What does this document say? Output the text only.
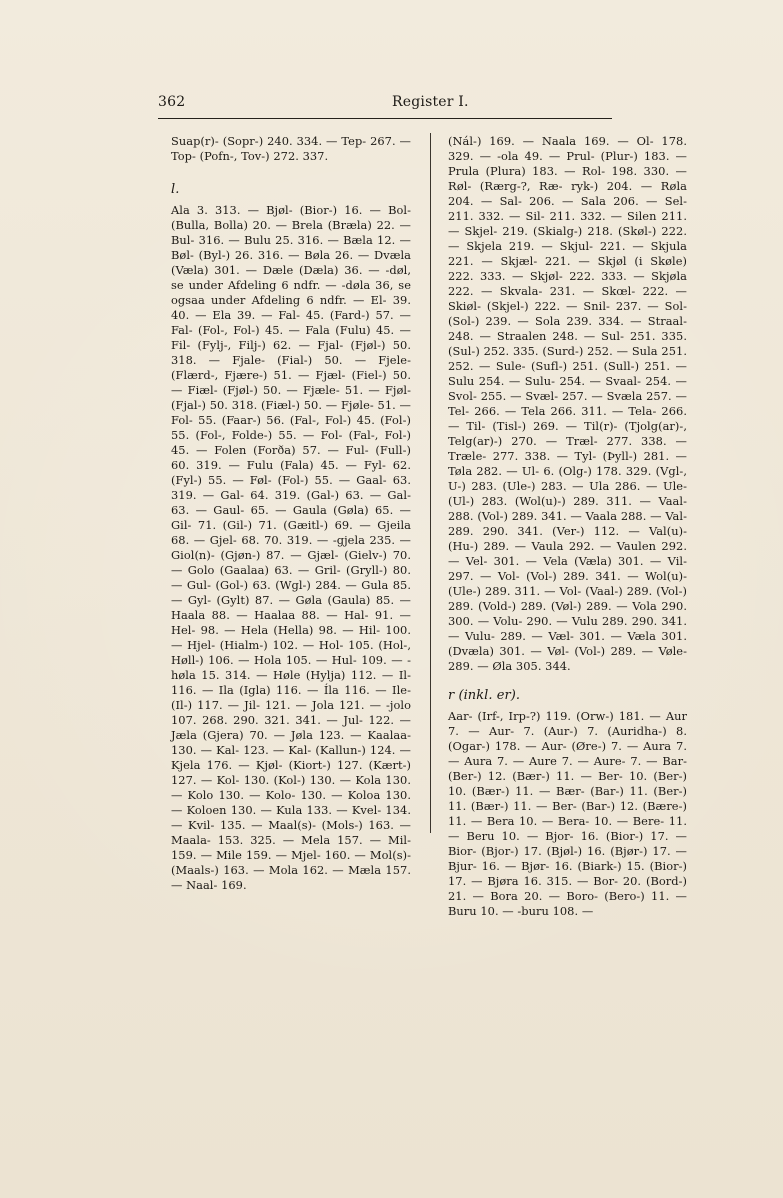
362	Register I.

Suap(r)- (Sopr-) 240. 334. — Tep- 267. — Top- (Pofn-, Tov-) 272. 337.

l.

Ala 3. 313. — Bjøl- (Bior-) 16. — Bol- (Bulla, Bolla) 20. — Brela (Bræla) 22. — Bul- 316. — Bulu 25. 316. — Bæla 12. — Bøl- (Byl-) 26. 316. — Bøla 26. — Dvæla (Væla) 301. — Dæle (Dæla) 36. — -døl, se under Afdeling 6 ndfr. — -døla 36, se ogsaa under Afdeling 6 ndfr. — El- 39. 40. — Ela 39. — Fal- 45. (Fard-) 57. — Fal- (Fol-, Fol-) 45. — Fala (Fulu) 45. — Fil- (Fylj-, Filj-) 62. — Fjal- (Fjøl-) 50. 318. — Fjale- (Fial-) 50. — Fjele- (Flærd-, Fjære-) 51. — Fjæl- (Fiel-) 50. — Fiæl- (Fjøl-) 50. — Fjæle- 51. — Fjøl- (Fjal-) 50. 318. (Fiæl-) 50. — Fjøle- 51. — Fol- 55. (Faar-) 56. (Fal-, Fol-) 45. (Fol-) 55. (Fol-, Folde-) 55. — Fol- (Fal-, Fol-) 45. — Folen (Forða) 57. — Ful- (Full-) 60. 319. — Fulu (Fala) 45. — Fyl- 62. (Fyl-) 55. — Føl- (Fol-) 55. — Gaal- 63. 319. — Gal- 64. 319. (Gal-) 63. — Gal- 63. — Gaul- 65. — Gaula (Gøla) 65. — Gil- 71. (Gil-) 71. (Gæitl-) 69. — Gjeila 68. — Gjel- 68. 70. 319. — -gjela 235. — Giol(n)- (Gjøn-) 87. — Gjæl- (Gielv-) 70. — Golo (Gaalaa) 63. — Gril- (Gryll-) 80. — Gul- (Gol-) 63. (Wgl-) 284. — Gula 85. — Gyl- (Gylt) 87. — Gøla (Gaula) 85. — Haala 88. — Haalaa 88. — Hal- 91. — Hel- 98. — Hela (Hella) 98. — Hil- 100. — Hjel- (Hialm-) 102. — Hol- 105. (Hol-, Høll-) 106. — Hola 105. — Hul- 109. — -høla 15. 314. — Høle (Hylja) 112. — Il- 116. — Ila (Igla) 116. — Íla 116. — Ile- (Il-) 117. — Jil- 121. — Jola 121. — -jolo 107. 268. 290. 321. 341. — Jul- 122. — Jæla (Gjera) 70. — Jøla 123. — Kaalaa- 130. — Kal- 123. — Kal- (Kallun-) 124. — Kjela 176. — Kjøl- (Kiort-) 127. (Kært-) 127. — Kol- 130. (Kol-) 130. — Kola 130. — Kolo 130. — Kolo- 130. — Koloa 130. — Koloen 130. — Kula 133. — Kvel- 134. — Kvil- 135. — Maal(s)- (Mols-) 163. — Maala- 153. 325. — Mela 157. — Mil- 159. — Mile 159. — Mjel- 160. — Mol(s)- (Maals-) 163. — Mola 162. — Mæla 157. — Naal- 169.

(Nál-) 169. — Naala 169. — Ol- 178. 329. — -ola 49. — Prul- (Plur-) 183. — Prula (Plura) 183. — Rol- 198. 330. — Røl- (Rærg-?, Ræ- ryk-) 204. — Røla 204. — Sal- 206. — Sala 206. — Sel- 211. 332. — Sil- 211. 332. — Silen 211. — Skjel- 219. (Skialg-) 218. (Skøl-) 222. — Skjela 219. — Skjul- 221. — Skjula 221. — Skjæl- 221. — Skjøl (i Skøle) 222. 333. — Skjøl- 222. 333. — Skjøla 222. — Skvala- 231. — Skœl- 222. — Skiøl- (Skjel-) 222. — Snil- 237. — Sol- (Sol-) 239. — Sola 239. 334. — Straal- 248. — Straalen 248. — Sul- 251. 335. (Sul-) 252. 335. (Surd-) 252. — Sula 251. 252. — Sule- (Sufl-) 251. (Sull-) 251. — Sulu 254. — Sulu- 254. — Svaal- 254. — Svol- 255. — Svæl- 257. — Svæla 257. — Tel- 266. — Tela 266. 311. — Tela- 266. — Til- (Tisl-) 269. — Til(r)- (Tjolg(ar)-, Telg(ar)-) 270. — Træl- 277. 338. — Træle- 277. 338. — Tyl- (Þyll-) 281. — Tøla 282. — Ul- 6. (Olg-) 178. 329. (Vgl-, U-) 283. (Ule-) 283. — Ula 286. — Ule- (Ul-) 283. (Wol(u)-) 289. 311. — Vaal- 288. (Vol-) 289. 341. — Vaala 288. — Val- 289. 290. 341. (Ver-) 112. — Val(u)- (Hu-) 289. — Vaula 292. — Vaulen 292. — Vel- 301. — Vela (Væla) 301. — Vil- 297. — Vol- (Vol-) 289. 341. — Wol(u)- (Ule-) 289. 311. — Vol- (Vaal-) 289. (Vol-) 289. (Vold-) 289. (Vøl-) 289. — Vola 290. 300. — Volu- 290. — Vulu 289. 290. 341. — Vulu- 289. — Væl- 301. — Væla 301. (Dvæla) 301. — Vøl- (Vol-) 289. — Vøle- 289. — Øla 305. 344.

r (inkl. er).

Aar- (Irf-, Irp-?) 119. (Orw-) 181. — Aur 7. — Aur- 7. (Aur-) 7. (Auridha-) 8. (Ogar-) 178. — Aur- (Øre-) 7. — Aura 7. — Aura 7. — Aure 7. — Aure- 7. — Bar- (Ber-) 12. (Bær-) 11. — Ber- 10. (Ber-) 10. (Bær-) 11. — Bær- (Bar-) 11. (Ber-) 11. (Bær-) 11. — Ber- (Bar-) 12. (Bære-) 11. — Bera 10. — Bera- 10. — Bere- 11. — Beru 10. — Bjor- 16. (Bior-) 17. — Bior- (Bjor-) 17. (Bjøl-) 16. (Bjør-) 17. — Bjur- 16. — Bjør- 16. (Biark-) 15. (Bior-) 17. — Bjøra 16. 315. — Bor- 20. (Bord-) 21. — Bora 20. — Boro- (Bero-) 11. — Buru 10. — -buru 108. —
